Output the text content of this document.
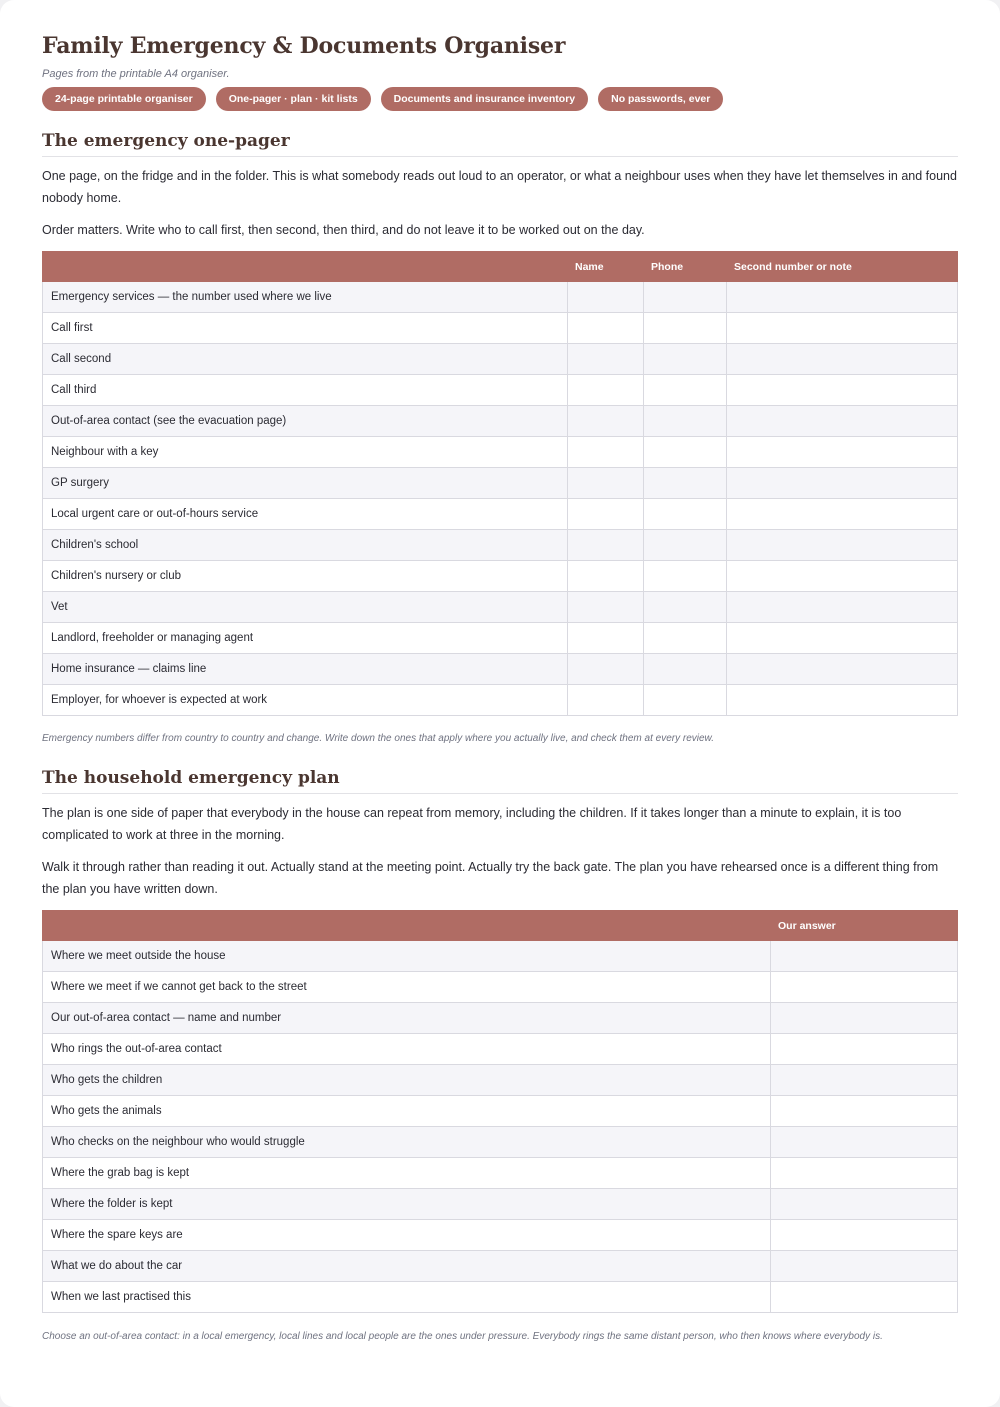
Family Emergency & Documents Organiser
Pages from the printable A4 organiser.
24-page printable organiser	One-pager · plan · kit lists	Documents and insurance inventory	No passwords, ever
The emergency one-pager

One page, on the fridge and in the folder. This is what somebody reads out loud to an operator, or what a neighbour uses when they have let themselves in and found nobody home.

Order matters. Write who to call first, then second, then third, and do not leave it to be worked out on the day.

	Name	Phone	Second number or note
Emergency services — the number used where we live			
Call first			
Call second			
Call third			
Out-of-area contact (see the evacuation page)			
Neighbour with a key			
GP surgery			
Local urgent care or out-of-hours service			
Children's school			
Children's nursery or club			
Vet			
Landlord, freeholder or managing agent			
Home insurance — claims line			
Employer, for whoever is expected at work			
Emergency numbers differ from country to country and change. Write down the ones that apply where you actually live, and check them at every review.
The household emergency plan

The plan is one side of paper that everybody in the house can repeat from memory, including the children. If it takes longer than a minute to explain, it is too complicated to work at three in the morning.

Walk it through rather than reading it out. Actually stand at the meeting point. Actually try the back gate. The plan you have rehearsed once is a different thing from the plan you have written down.

	Our answer
Where we meet outside the house	
Where we meet if we cannot get back to the street	
Our out-of-area contact — name and number	
Who rings the out-of-area contact	
Who gets the children	
Who gets the animals	
Who checks on the neighbour who would struggle	
Where the grab bag is kept	
Where the folder is kept	
Where the spare keys are	
What we do about the car	
When we last practised this	
Choose an out-of-area contact: in a local emergency, local lines and local people are the ones under pressure. Everybody rings the same distant person, who then knows where everybody is.
